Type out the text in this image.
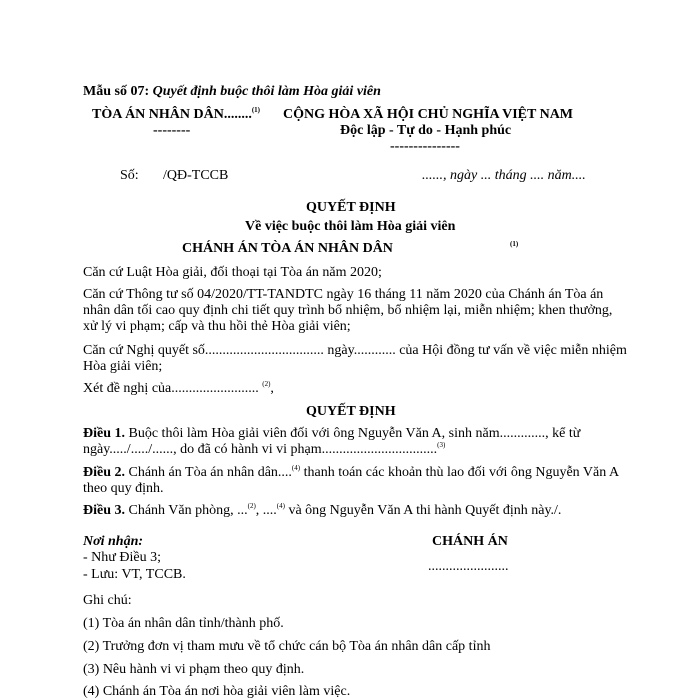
Mẫu số 07: Quyết định buộc thôi làm Hòa giải viên
TÒA ÁN NHÂN DÂN........$^{(1)}$
--------
CỘNG HÒA XÃ HỘI CHỦ NGHĨA VIỆT NAM
Độc lập - Tự do - Hạnh phúc
---------------
Số: /QĐ-TCCB	......, ngày ... tháng .... năm....
QUYẾT ĐỊNH
Về việc buộc thôi làm Hòa giải viên
CHÁNH ÁN TÒA ÁN NHÂN DÂN	$^{(1)}$
Căn cứ Luật Hòa giải, đối thoại tại Tòa án năm 2020;
Căn cứ Thông tư số 04/2020/TT-TANDTC ngày 16 tháng 11 năm 2020 của Chánh án Tòa án
nhân dân tối cao quy định chi tiết quy trình bổ nhiệm, bổ nhiệm lại, miễn nhiệm; khen thưởng,
xử lý vi phạm; cấp và thu hồi thẻ Hòa giải viên;
Căn cứ Nghị quyết số.................................. ngày............ của Hội đồng tư vấn về việc miễn nhiệm
Hòa giải viên;
Xét đề nghị của......................... $^{(2)}$,
QUYẾT ĐỊNH
Điều 1. Buộc thôi làm Hòa giải viên đối với ông Nguyễn Văn A, sinh năm............., kể từ
ngày...../...../......, do đã có hành vi vi phạm.................................$^{(3)}$
Điều 2. Chánh án Tòa án nhân dân....$^{(4)}$ thanh toán các khoản thù lao đối với ông Nguyễn Văn A
theo quy định.
Điều 3. Chánh Văn phòng, ...$^{(2)}$, ....$^{(4)}$ và ông Nguyễn Văn A thi hành Quyết định này./.
Nơi nhận:
- Như Điều 3;
- Lưu: VT, TCCB.
CHÁNH ÁN
.......................
Ghi chú:
(1) Tòa án nhân dân tỉnh/thành phố.
(2) Trưởng đơn vị tham mưu về tổ chức cán bộ Tòa án nhân dân cấp tỉnh
(3) Nêu hành vi vi phạm theo quy định.
(4) Chánh án Tòa án nơi hòa giải viên làm việc.
